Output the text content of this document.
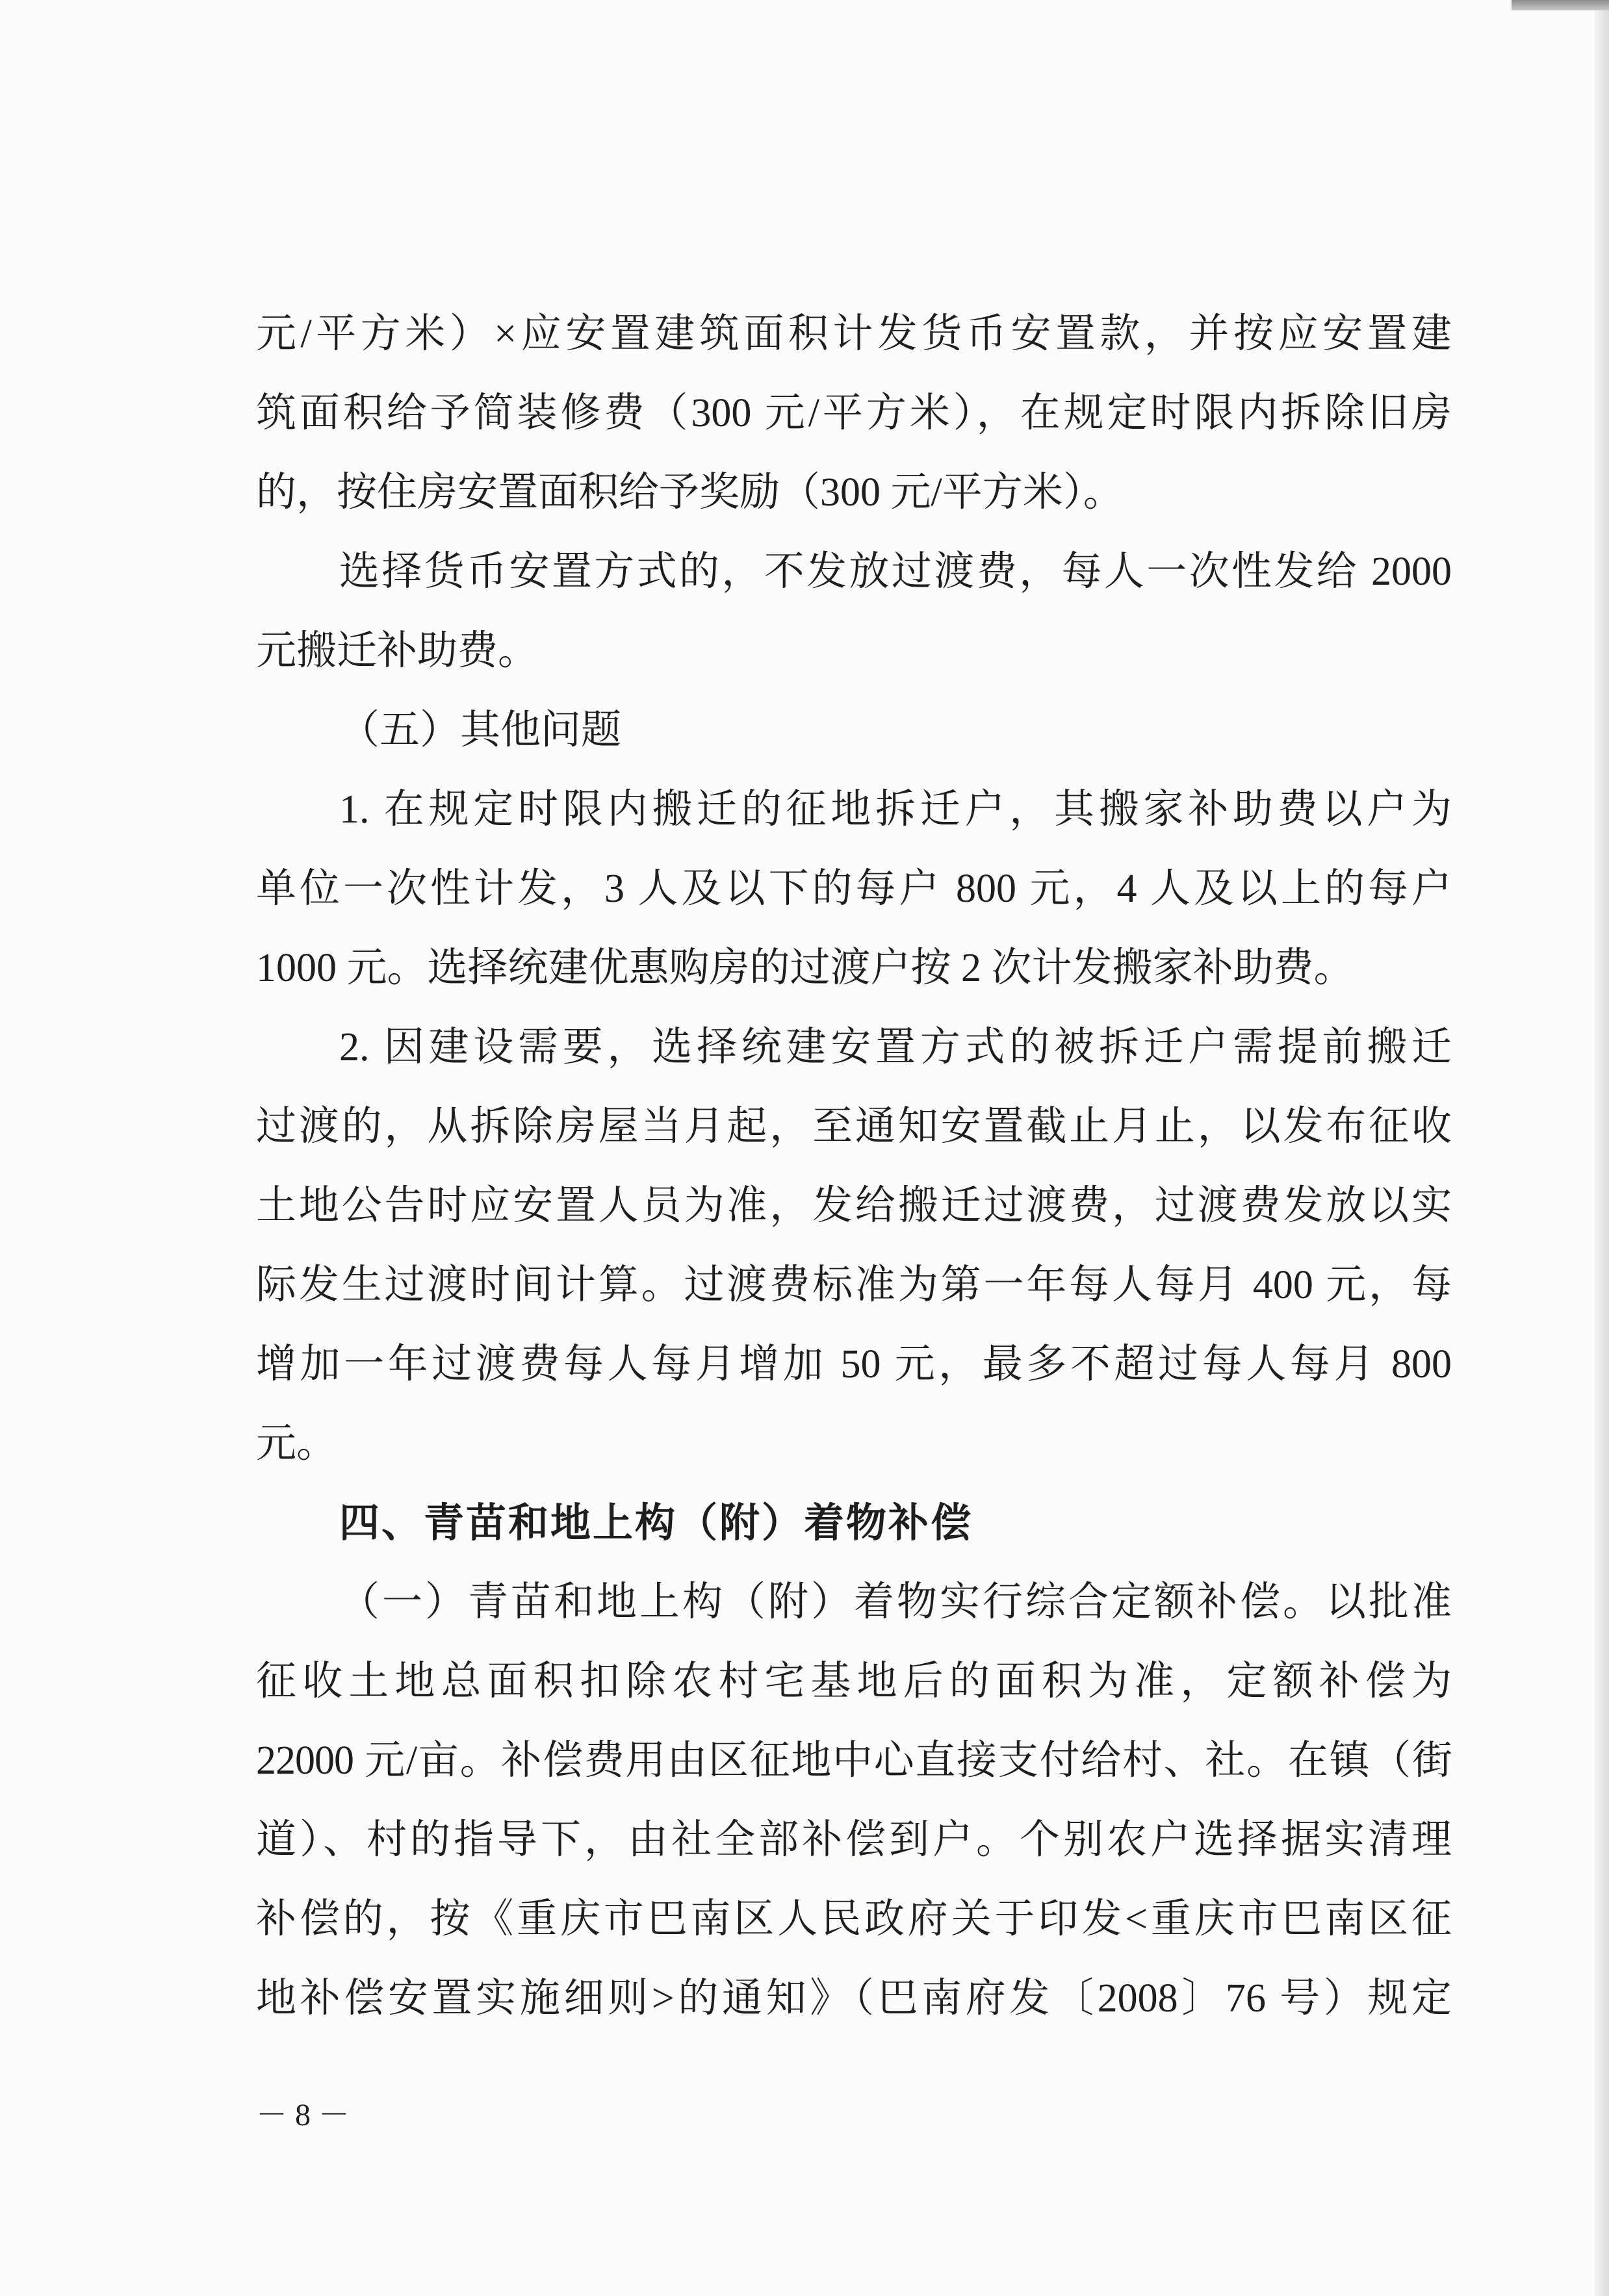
元/平方米）×应安置建筑面积计发货币安置款，并按应安置建
筑面积给予简装修费（300 元/平方米），在规定时限内拆除旧房
的，按住房安置面积给予奖励（300 元/平方米）。
选择货币安置方式的，不发放过渡费，每人一次性发给 2000
元搬迁补助费。
（五）其他问题
1. 在规定时限内搬迁的征地拆迁户，其搬家补助费以户为
单位一次性计发，3 人及以下的每户 800 元，4 人及以上的每户
1000 元。选择统建优惠购房的过渡户按 2 次计发搬家补助费。
2. 因建设需要，选择统建安置方式的被拆迁户需提前搬迁
过渡的，从拆除房屋当月起，至通知安置截止月止，以发布征收
土地公告时应安置人员为准，发给搬迁过渡费，过渡费发放以实
际发生过渡时间计算。过渡费标准为第一年每人每月 400 元，每
增加一年过渡费每人每月增加 50 元，最多不超过每人每月 800
元。
四、青苗和地上构（附）着物补偿
（一）青苗和地上构（附）着物实行综合定额补偿。以批准
征收土地总面积扣除农村宅基地后的面积为准，定额补偿为
22000 元/亩。补偿费用由区征地中心直接支付给村、社。在镇（街
道）、村的指导下，由社全部补偿到户。个别农户选择据实清理
补偿的，按《重庆市巴南区人民政府关于印发<重庆市巴南区征
地补偿安置实施细则>的通知》（巴南府发〔2008〕76 号）规定
－ 8 －
